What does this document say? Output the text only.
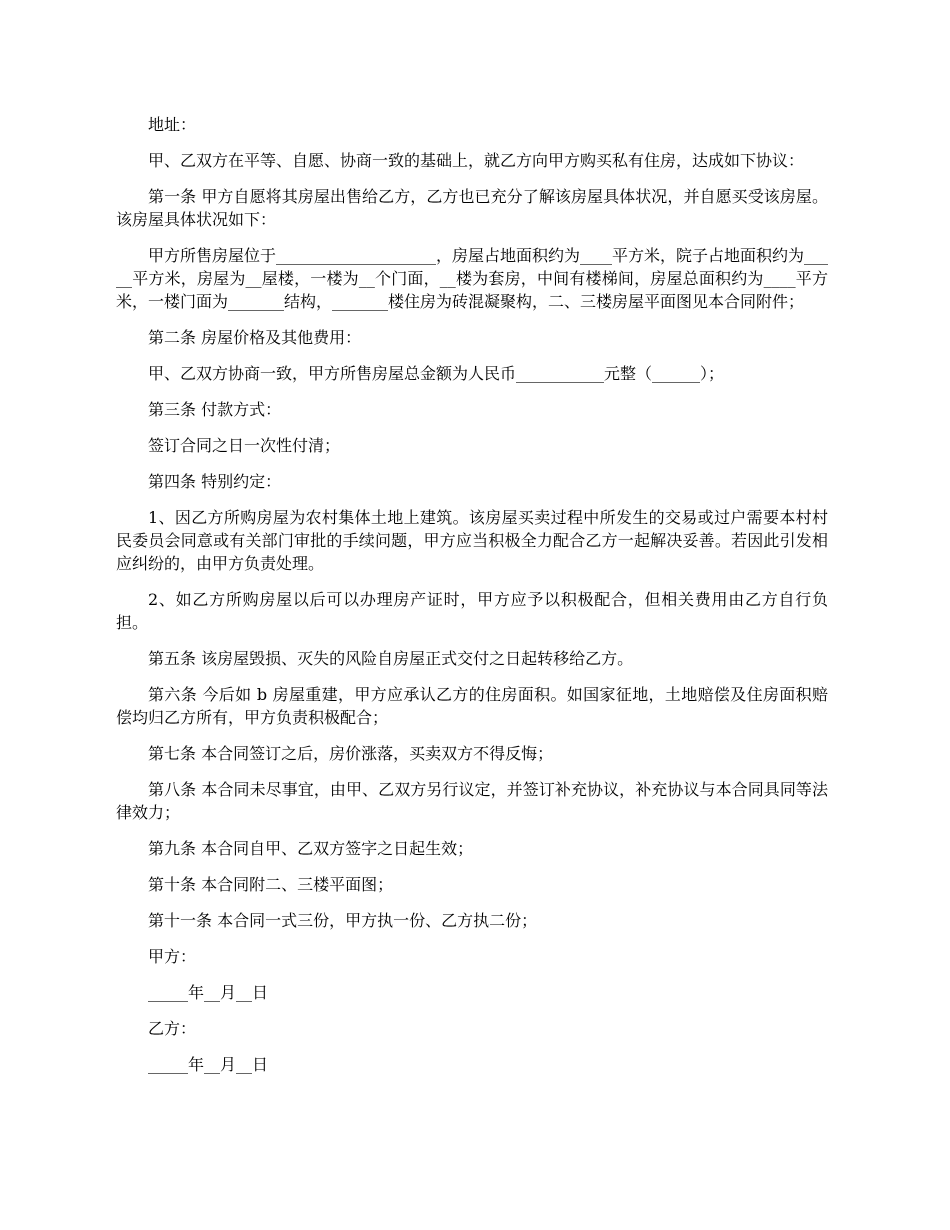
地址：

甲、乙双方在平等、自愿、协商一致的基础上，就乙方向甲方购买私有住房，达成如下协议：

第一条 甲方自愿将其房屋出售给乙方，乙方也已充分了解该房屋具体状况，并自愿买受该房屋。该房屋具体状况如下：

甲方所售房屋位于____________________，房屋占地面积约为____平方米，院子占地面积约为_____平方米，房屋为__屋楼，一楼为__个门面，__楼为套房，中间有楼梯间，房屋总面积约为____平方米，一楼门面为_______结构，_______楼住房为砖混凝聚构，二、三楼房屋平面图见本合同附件；

第二条 房屋价格及其他费用：

甲、乙双方协商一致，甲方所售房屋总金额为人民币___________元整（______）；

第三条 付款方式：

签订合同之日一次性付清；

第四条 特别约定：

1、因乙方所购房屋为农村集体土地上建筑。该房屋买卖过程中所发生的交易或过户需要本村村民委员会同意或有关部门审批的手续问题，甲方应当积极全力配合乙方一起解决妥善。若因此引发相应纠纷的，由甲方负责处理。

2、如乙方所购房屋以后可以办理房产证时，甲方应予以积极配合，但相关费用由乙方自行负担。

第五条 该房屋毁损、灭失的风险自房屋正式交付之日起转移给乙方。

第六条 今后如 b 房屋重建，甲方应承认乙方的住房面积。如国家征地，土地赔偿及住房面积赔偿均归乙方所有，甲方负责积极配合；

第七条 本合同签订之后，房价涨落，买卖双方不得反悔；

第八条 本合同未尽事宜，由甲、乙双方另行议定，并签订补充协议，补充协议与本合同具同等法律效力；

第九条 本合同自甲、乙双方签字之日起生效；

第十条 本合同附二、三楼平面图；

第十一条 本合同一式三份，甲方执一份、乙方执二份；

甲方：

_____年__月__日

乙方：

_____年__月__日
